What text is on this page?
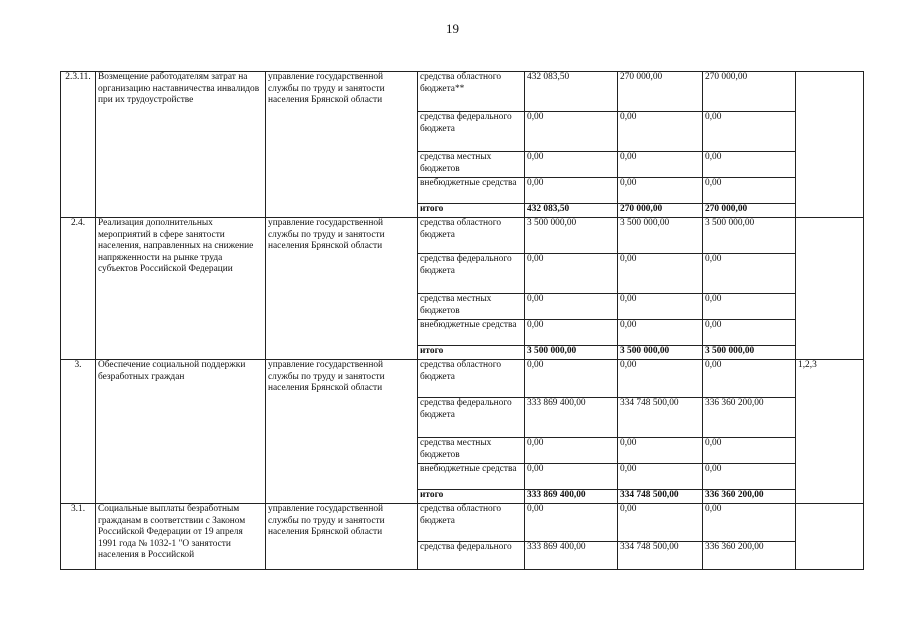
19
2.3.11.	Возмещение работодателям затрат на организацию наставничества инвалидов при их трудоустройстве	управление государственной службы по труду и занятости населения Брянской области	средства областного бюджета**	432 083,50	270 000,00	270 000,00	
			средства федерального бюджета	0,00	0,00	0,00	
			средства местных бюджетов	0,00	0,00	0,00	
			внебюджетные средства	0,00	0,00	0,00	
			итого	432 083,50	270 000,00	270 000,00	
2.4.	Реализация дополнительных мероприятий в сфере занятости населения, направленных на снижение напряженности на рынке труда субъектов Российской Федерации	управление государственной службы по труду и занятости населения Брянской области	средства областного бюджета	3 500 000,00	3 500 000,00	3 500 000,00	
			средства федерального бюджета	0,00	0,00	0,00	
			средства местных бюджетов	0,00	0,00	0,00	
			внебюджетные средства	0,00	0,00	0,00	
			итого	3 500 000,00	3 500 000,00	3 500 000,00	
3.	Обеспечение социальной поддержки безработных граждан	управление государственной службы по труду и занятости населения Брянской области	средства областного бюджета	0,00	0,00	0,00	1,2,3
			средства федерального бюджета	333 869 400,00	334 748 500,00	336 360 200,00	
			средства местных бюджетов	0,00	0,00	0,00	
			внебюджетные средства	0,00	0,00	0,00	
			итого	333 869 400,00	334 748 500,00	336 360 200,00	
3.1.	Социальные выплаты безработным гражданам в соответствии с Законом Российской Федерации от 19 апреля 1991 года № 1032-1 "О занятости населения в Российской	управление государственной службы по труду и занятости населения Брянской области	средства областного бюджета	0,00	0,00	0,00	
			средства федерального	333 869 400,00	334 748 500,00	336 360 200,00	
